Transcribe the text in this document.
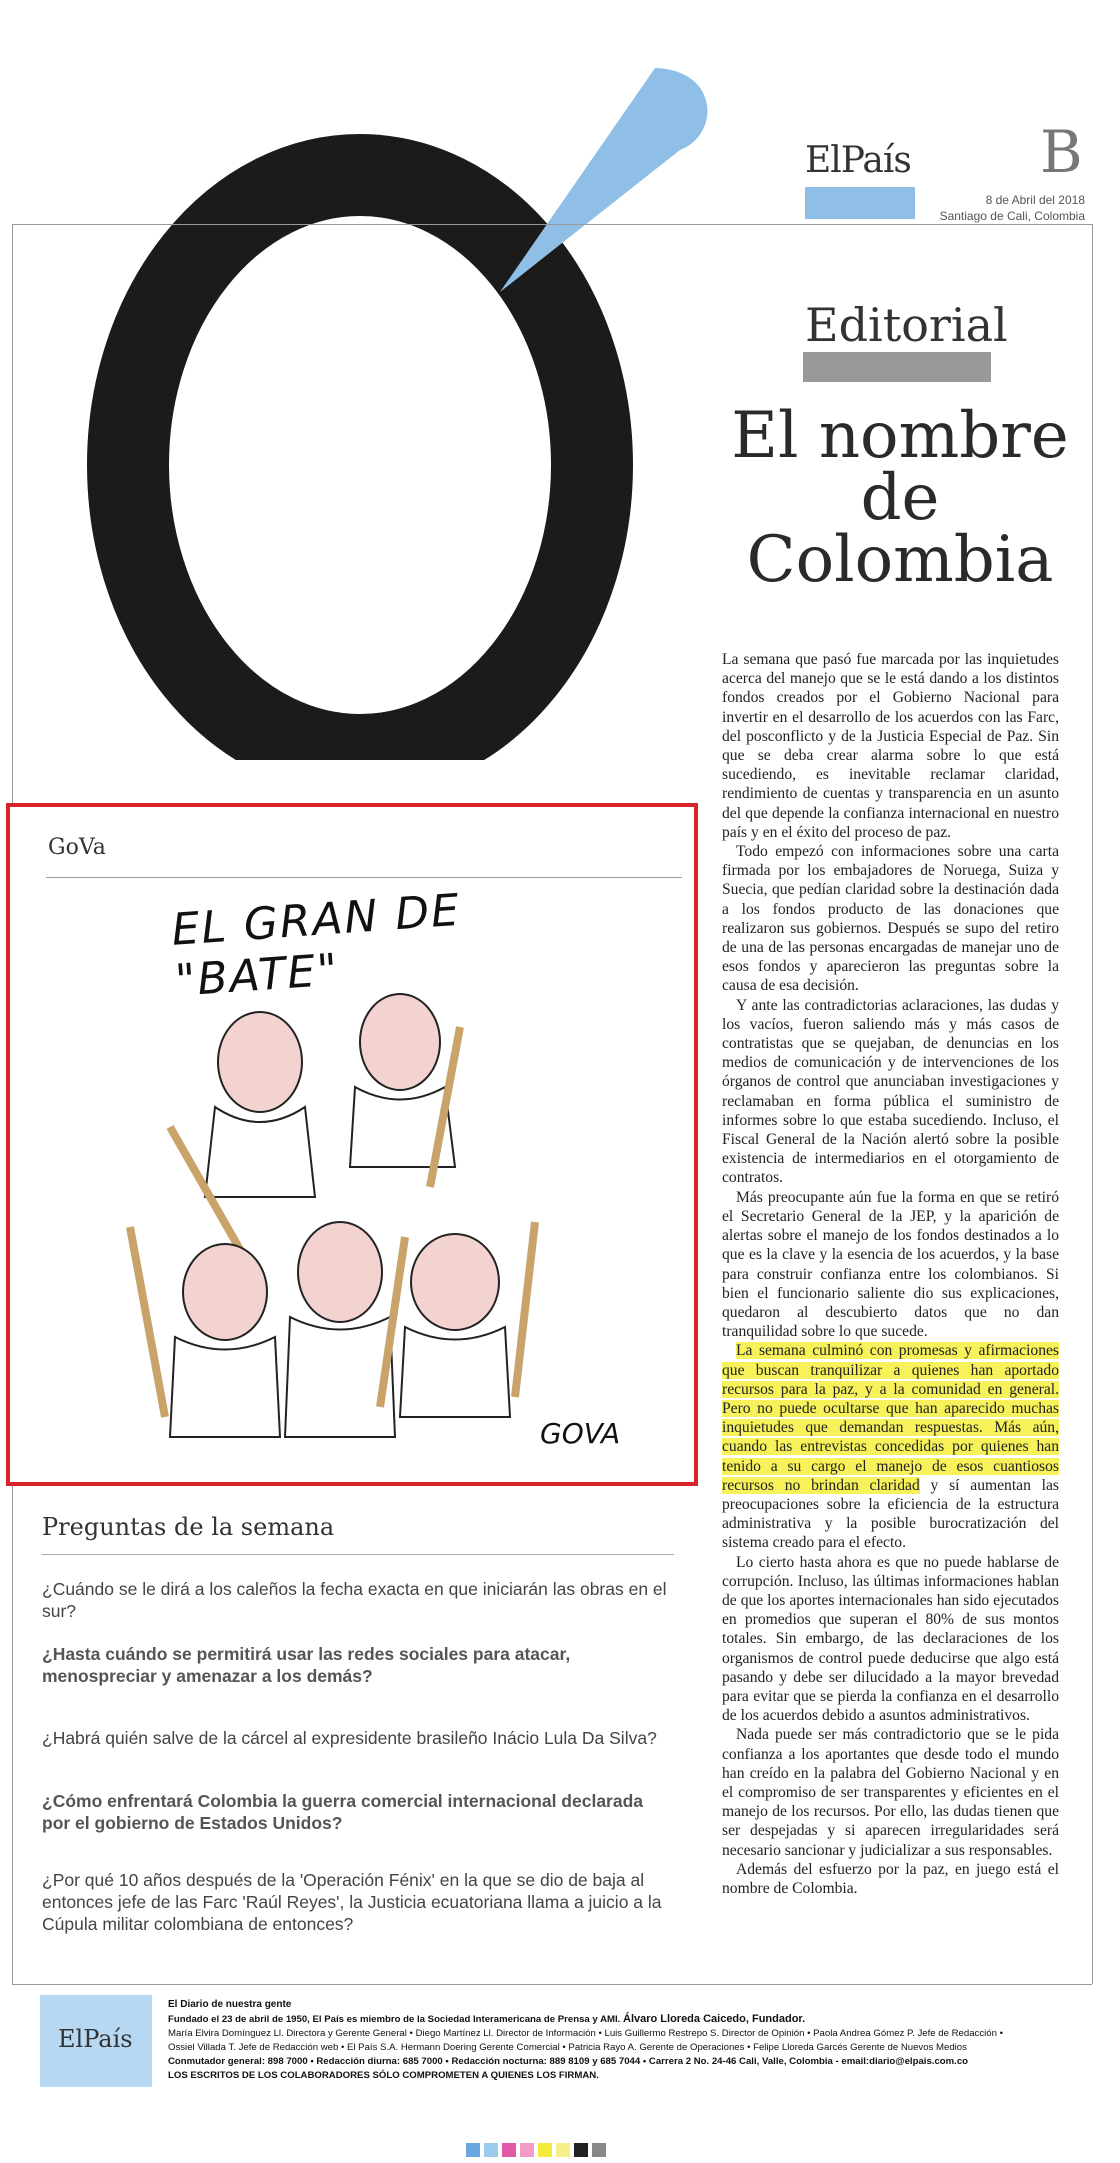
ElPaís	B
8 de Abril del 2018
Santiago de Cali, Colombia
Editorial
El nombre
de
Colombia

La semana que pasó fue marcada por las inquietudes acerca del manejo que se le está dando a los distintos fondos creados por el Gobierno Nacional para invertir en el desarrollo de los acuerdos con las Farc, del posconflicto y de la Justicia Especial de Paz. Sin que se deba crear alarma sobre lo que está sucediendo, es inevitable reclamar claridad, rendimiento de cuentas y transparencia en un asunto del que depende la confianza internacional en nuestro país y en el éxito del proceso de paz.

Todo empezó con informaciones sobre una carta firmada por los embajadores de Noruega, Suiza y Suecia, que pedían claridad sobre la destinación dada a los fondos producto de las donaciones que realizaron sus gobiernos. Después se supo del retiro de una de las personas encargadas de manejar uno de esos fondos y aparecieron las preguntas sobre la causa de esa decisión.

Y ante las contradictorias aclaraciones, las dudas y los vacíos, fueron saliendo más y más casos de contratistas que se quejaban, de denuncias en los medios de comunicación y de intervenciones de los órganos de control que anunciaban investigaciones y reclamaban en forma pública el suministro de informes sobre lo que estaba sucediendo. Incluso, el Fiscal General de la Nación alertó sobre la posible existencia de intermediarios en el otorgamiento de contratos.

Más preocupante aún fue la forma en que se retiró el Secretario General de la JEP, y la aparición de alertas sobre el manejo de los fondos destinados a lo que es la clave y la esencia de los acuerdos, y la base para construir confianza entre los colombianos. Si bien el funcionario saliente dio sus explicaciones, quedaron al descubierto datos que no dan tranquilidad sobre lo que sucede.

La semana culminó con promesas y afirmaciones que buscan tranquilizar a quienes han aportado recursos para la paz, y a la comunidad en general. Pero no puede ocultarse que han aparecido muchas inquietudes que demandan respuestas. Más aún, cuando las entrevistas concedidas por quienes han tenido a su cargo el manejo de esos cuantiosos recursos no brindan claridad y sí aumentan las preocupaciones sobre la eficiencia de la estructura administrativa y la posible burocratización del sistema creado para el efecto.

Lo cierto hasta ahora es que no puede hablarse de corrupción. Incluso, las últimas informaciones hablan de que los aportes internacionales han sido ejecutados en promedios que superan el 80% de sus montos totales. Sin embargo, de las declaraciones de los organismos de control puede deducirse que algo está pasando y debe ser dilucidado a la mayor brevedad para evitar que se pierda la confianza en el desarrollo de los acuerdos debido a asuntos administrativos.

Nada puede ser más contradictorio que se le pida confianza a los aportantes que desde todo el mundo han creído en la palabra del Gobierno Nacional y en el compromiso de ser transparentes y eficientes en el manejo de los recursos. Por ello, las dudas tienen que ser despejadas y si aparecen irregularidades será necesario sancionar y judicializar a sus responsables.

Además del esfuerzo por la paz, en juego está el nombre de Colombia.

GoVa
EL GRAN DE "BATE"
GOVA
Preguntas de la semana
¿Cuándo se le dirá a los caleños la fecha exacta en que iniciarán las obras en el sur?
¿Hasta cuándo se permitirá usar las redes sociales para atacar, menospreciar y amenazar a los demás?
¿Habrá quién salve de la cárcel al expresidente brasileño Inácio Lula Da Silva?
¿Cómo enfrentará Colombia la guerra comercial internacional declarada por el gobierno de Estados Unidos?
¿Por qué 10 años después de la 'Operación Fénix' en la que se dio de baja al entonces jefe de las Farc 'Raúl Reyes', la Justicia ecuatoriana llama a juicio a la Cúpula militar colombiana de entonces?
ElPaís
El Diario de nuestra gente
Fundado el 23 de abril de 1950, El País es miembro de la Sociedad Interamericana de Prensa y AMI. Álvaro Lloreda Caicedo, Fundador.
María Elvira Domínguez Ll. Directora y Gerente General • Diego Martínez Ll. Director de Información • Luis Guillermo Restrepo S. Director de Opinión • Paola Andrea Gómez P. Jefe de Redacción •
Ossiel Villada T. Jefe de Redacción web • El País S.A. Hermann Doering Gerente Comercial • Patricia Rayo A. Gerente de Operaciones • Felipe Lloreda Garcés Gerente de Nuevos Medios
Conmutador general: 898 7000 • Redacción diurna: 685 7000 • Redacción nocturna: 889 8109 y 685 7044 • Carrera 2 No. 24-46 Cali, Valle, Colombia - email:diario@elpais.com.co
LOS ESCRITOS DE LOS COLABORADORES SÓLO COMPROMETEN A QUIENES LOS FIRMAN.
